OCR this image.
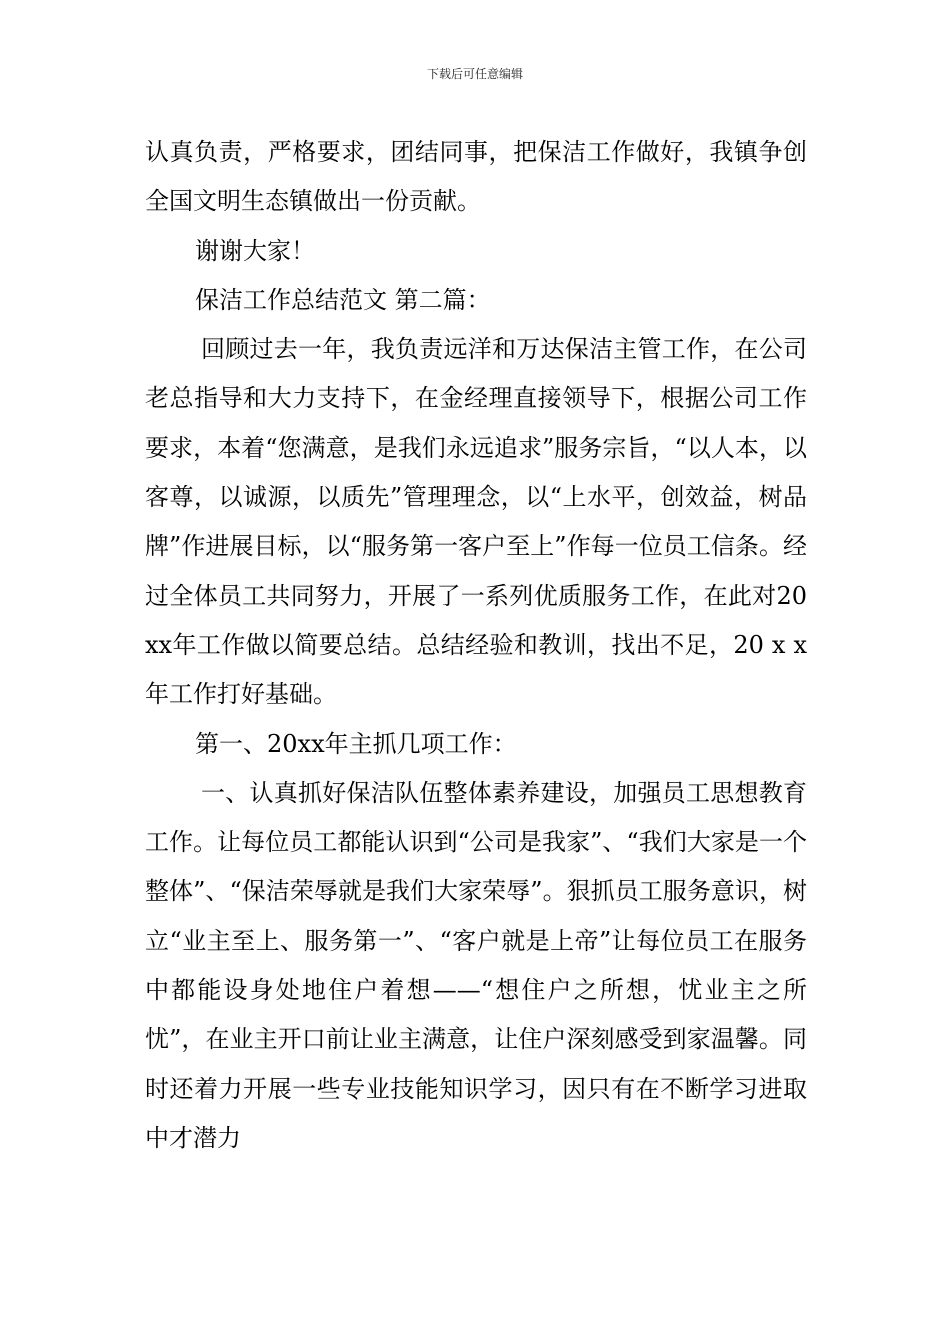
下载后可任意编辑

认真负责，严格要求，团结同事，把保洁工作做好，我镇争创全国文明生态镇做出一份贡献。

谢谢大家！

保洁工作总结范文 第二篇：

回顾过去一年，我负责远洋和万达保洁主管工作，在公司老总指导和大力支持下，在金经理直接领导下，根据公司工作要求，本着“您满意，是我们永远追求”服务宗旨，“以人本，以客尊，以诚源，以质先”管理理念，以“上水平，创效益，树品牌”作进展目标，以“服务第一客户至上”作每一位员工信条。经过全体员工共同努力，开展了一系列优质服务工作，在此对20xx年工作做以简要总结。总结经验和教训，找出不足，20 x x年工作打好基础。

第一、20xx年主抓几项工作：

一、认真抓好保洁队伍整体素养建设，加强员工思想教育工作。让每位员工都能认识到“公司是我家”、“我们大家是一个整体”、“保洁荣辱就是我们大家荣辱”。狠抓员工服务意识，树立“业主至上、服务第一”、“客户就是上帝”让每位员工在服务中都能设身处地住户着想——“想住户之所想，忧业主之所忧”，在业主开口前让业主满意，让住户深刻感受到家温馨。同时还着力开展一些专业技能知识学习，因只有在不断学习进取中才潜力
